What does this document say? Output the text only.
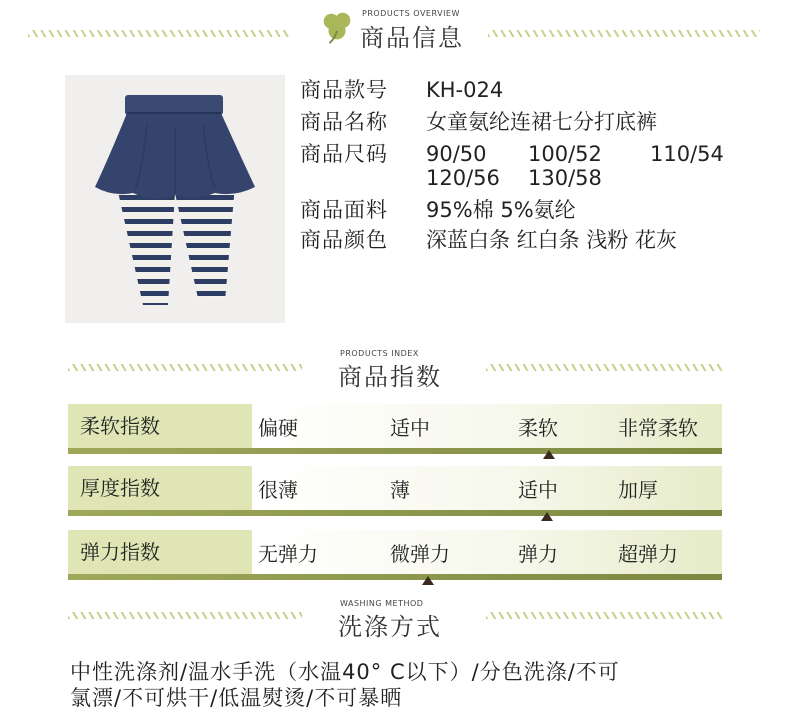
PRODUCTS OVERVIEW
商品信息
商品款号	KH-024
商品名称	女童氨纶连裙七分打底裤
商品尺码	90/50 100/52 110/54
120/56 130/58
商品面料	95%棉 5%氨纶
商品颜色	深蓝白条 红白条 浅粉 花灰
PRODUCTS INDEX
商品指数
柔软指数	偏硬	适中	柔软	非常柔软
厚度指数	很薄	薄	适中	加厚
弹力指数	无弹力	微弹力	弹力	超弹力
WASHING METHOD
洗涤方式
中性洗涤剂/温水手洗（水温40° C以下）/分色洗涤/不可
氯漂/不可烘干/低温熨烫/不可暴晒
